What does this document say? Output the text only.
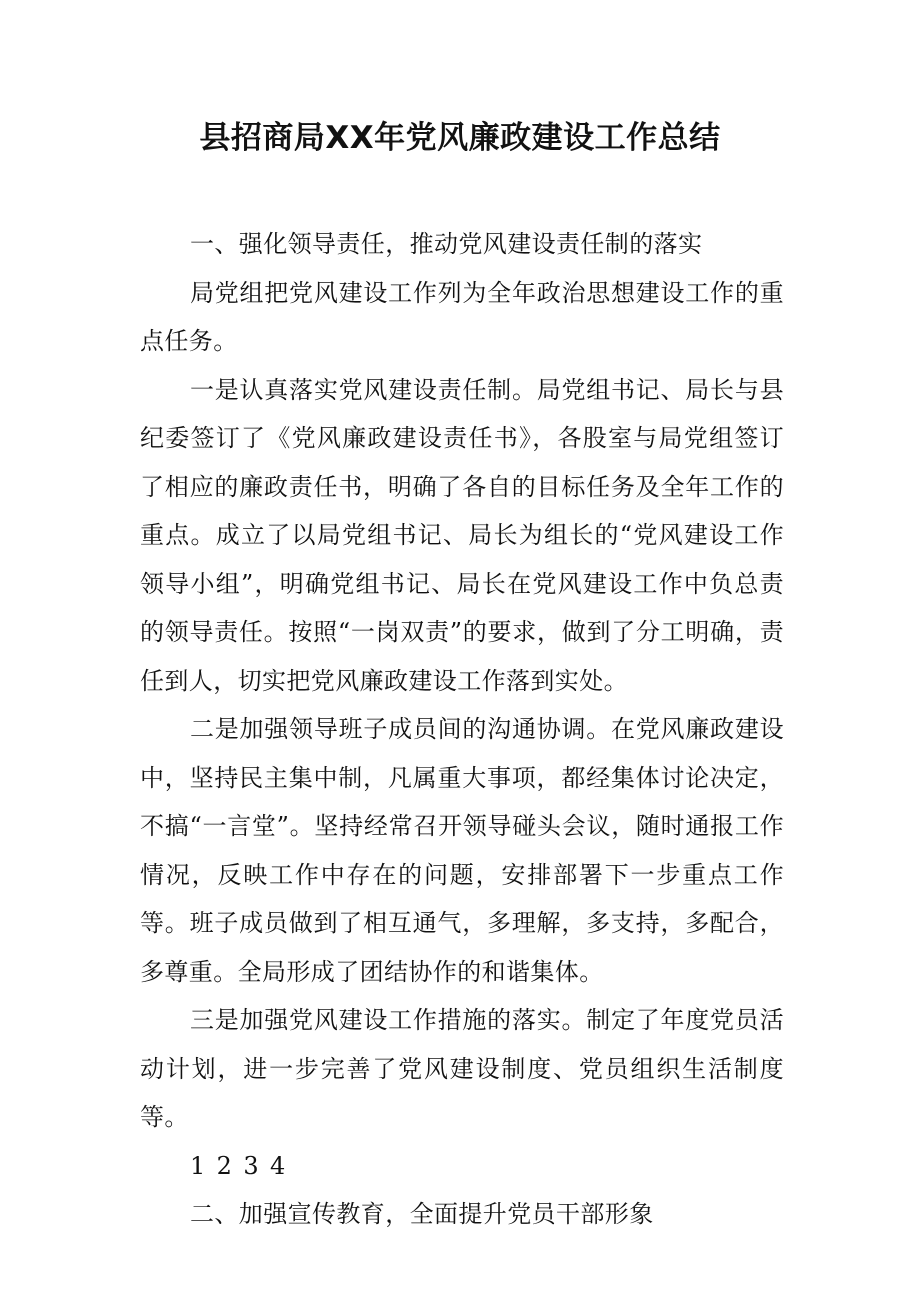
县招商局XX年党风廉政建设工作总结

一、强化领导责任，推动党风建设责任制的落实

局党组把党风建设工作列为全年政治思想建设工作的重点任务。

一是认真落实党风建设责任制。局党组书记、局长与县纪委签订了《党风廉政建设责任书》，各股室与局党组签订了相应的廉政责任书，明确了各自的目标任务及全年工作的重点。成立了以局党组书记、局长为组长的“党风建设工作领导小组”，明确党组书记、局长在党风建设工作中负总责的领导责任。按照“一岗双责”的要求，做到了分工明确，责任到人，切实把党风廉政建设工作落到实处。

二是加强领导班子成员间的沟通协调。在党风廉政建设中，坚持民主集中制，凡属重大事项，都经集体讨论决定，不搞“一言堂”。坚持经常召开领导碰头会议，随时通报工作情况，反映工作中存在的问题，安排部署下一步重点工作等。班子成员做到了相互通气，多理解，多支持，多配合，多尊重。全局形成了团结协作的和谐集体。

三是加强党风建设工作措施的落实。制定了年度党员活动计划，进一步完善了党风建设制度、党员组织生活制度等。

1 2 3 4

二、加强宣传教育，全面提升党员干部形象
